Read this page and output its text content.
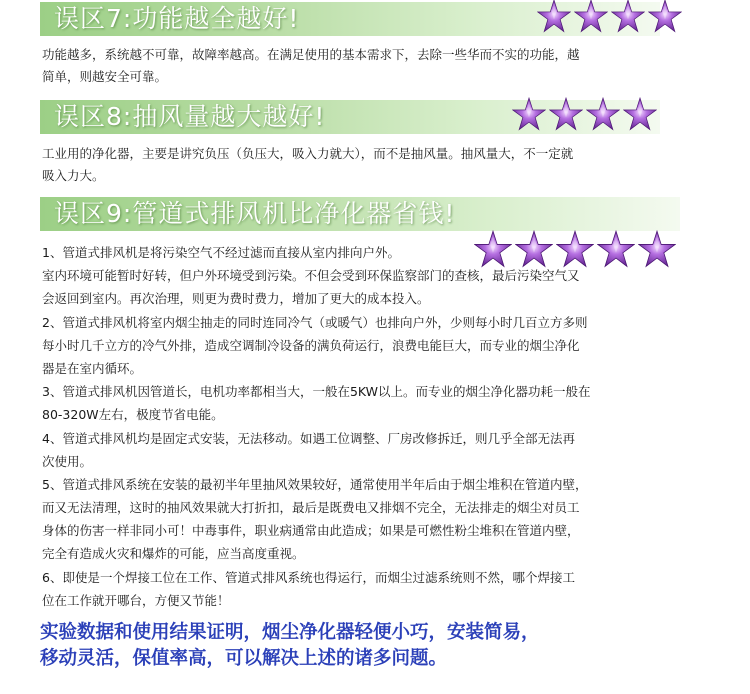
误区7:功能越全越好!
功能越多，系统越不可靠，故障率越高。在满足使用的基本需求下，去除一些华而不实的功能，越
简单，则越安全可靠。
误区8:抽风量越大越好!
工业用的净化器，主要是讲究负压（负压大，吸入力就大），而不是抽风量。抽风量大，不一定就
吸入力大。
误区9:管道式排风机比净化器省钱!
1、管道式排风机是将污染空气不经过滤而直接从室内排向户外。
室内环境可能暂时好转，但户外环境受到污染。不但会受到环保监察部门的查核，最后污染空气又
会返回到室内。再次治理，则更为费时费力，增加了更大的成本投入。
2、管道式排风机将室内烟尘抽走的同时连同冷气（或暖气）也排向户外，少则每小时几百立方多则
每小时几千立方的冷气外排，造成空调制冷设备的满负荷运行，浪费电能巨大，而专业的烟尘净化
器是在室内循环。
3、管道式排风机因管道长，电机功率都相当大，一般在5KW以上。而专业的烟尘净化器功耗一般在
80-320W左右，极度节省电能。
4、管道式排风机均是固定式安装，无法移动。如遇工位调整、厂房改修拆迁，则几乎全部无法再
次使用。
5、管道式排风系统在安装的最初半年里抽风效果较好，通常使用半年后由于烟尘堆积在管道内壁，
而又无法清理，这时的抽风效果就大打折扣，最后是既费电又排烟不完全，无法排走的烟尘对员工
身体的伤害一样非同小可！中毒事件，职业病通常由此造成；如果是可燃性粉尘堆积在管道内壁，
完全有造成火灾和爆炸的可能，应当高度重视。
6、即使是一个焊接工位在工作、管道式排风系统也得运行，而烟尘过滤系统则不然，哪个焊接工
位在工作就开哪台，方便又节能！
实验数据和使用结果证明，烟尘净化器轻便小巧，安装简易，
移动灵活，保值率高，可以解决上述的诸多问题。
